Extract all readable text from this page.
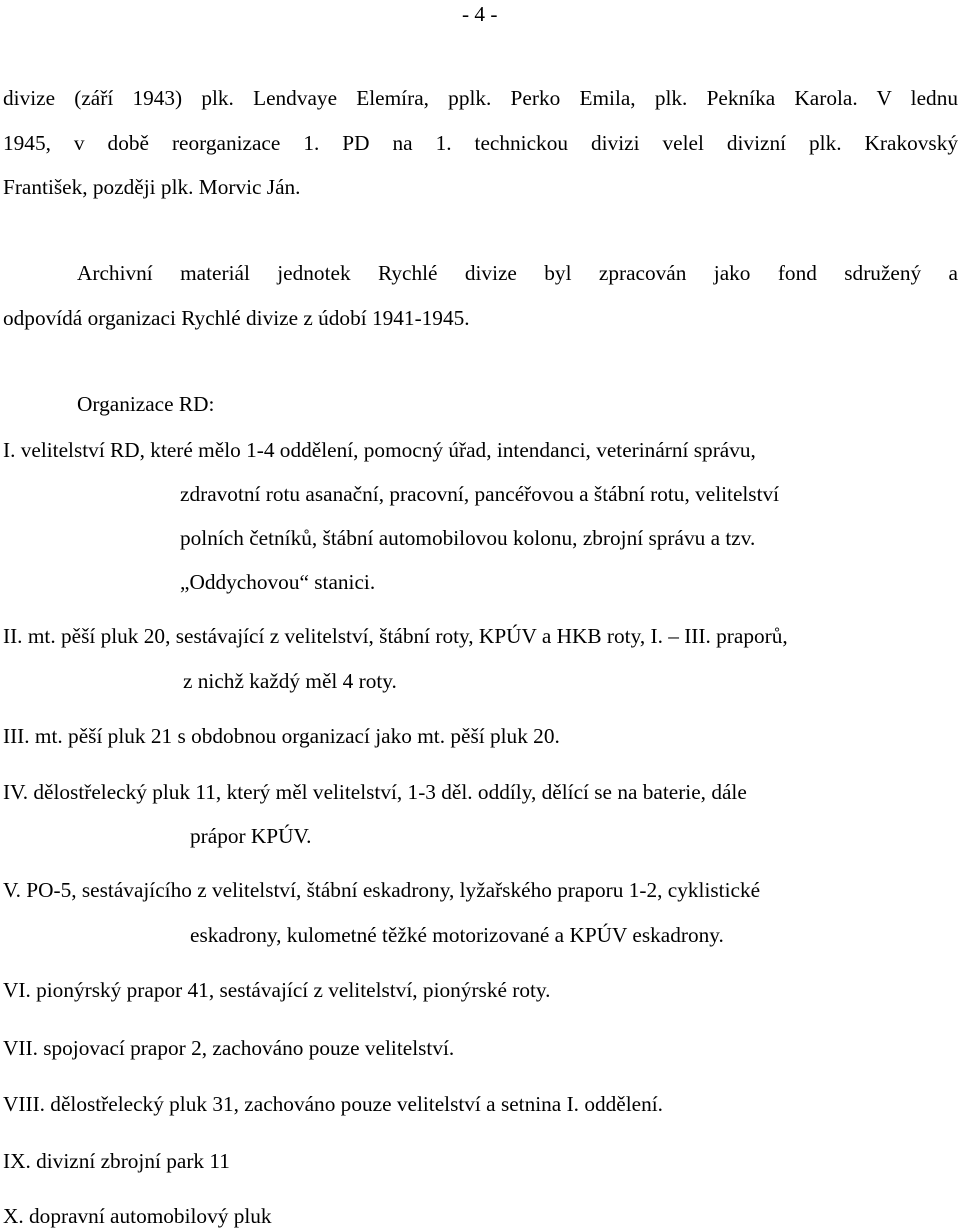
- 4 -
divize (září 1943) plk. Lendvaye Elemíra, pplk. Perko Emila, plk. Pekníka Karola. V lednu
1945, v době reorganizace 1. PD na 1. technickou divizi velel divizní plk. Krakovský
František, později plk. Morvic Ján.
Archivní materiál jednotek Rychlé divize byl zpracován jako fond sdružený a
odpovídá organizaci Rychlé divize z údobí 1941-1945.
Organizace RD:
I. velitelství RD, které mělo 1-4 oddělení, pomocný úřad, intendanci, veterinární správu,
zdravotní rotu asanační, pracovní, pancéřovou a štábní rotu, velitelství
polních četníků, štábní automobilovou kolonu, zbrojní správu a tzv.
„Oddychovou“ stanici.
II. mt. pěší pluk 20, sestávající z velitelství, štábní roty, KPÚV a HKB roty, I. – III. praporů,
z nichž každý měl 4 roty.
III. mt. pěší pluk 21 s obdobnou organizací jako mt. pěší pluk 20.
IV. dělostřelecký pluk 11, který měl velitelství, 1-3 děl. oddíly, dělící se na baterie, dále
prápor KPÚV.
V. PO-5, sestávajícího z velitelství, štábní eskadrony, lyžařského praporu 1-2, cyklistické
eskadrony, kulometné těžké motorizované a KPÚV eskadrony.
VI. pionýrský prapor 41, sestávající z velitelství, pionýrské roty.
VII. spojovací prapor 2, zachováno pouze velitelství.
VIII. dělostřelecký pluk 31, zachováno pouze velitelství a setnina I. oddělení.
IX. divizní zbrojní park 11
X. dopravní automobilový pluk
